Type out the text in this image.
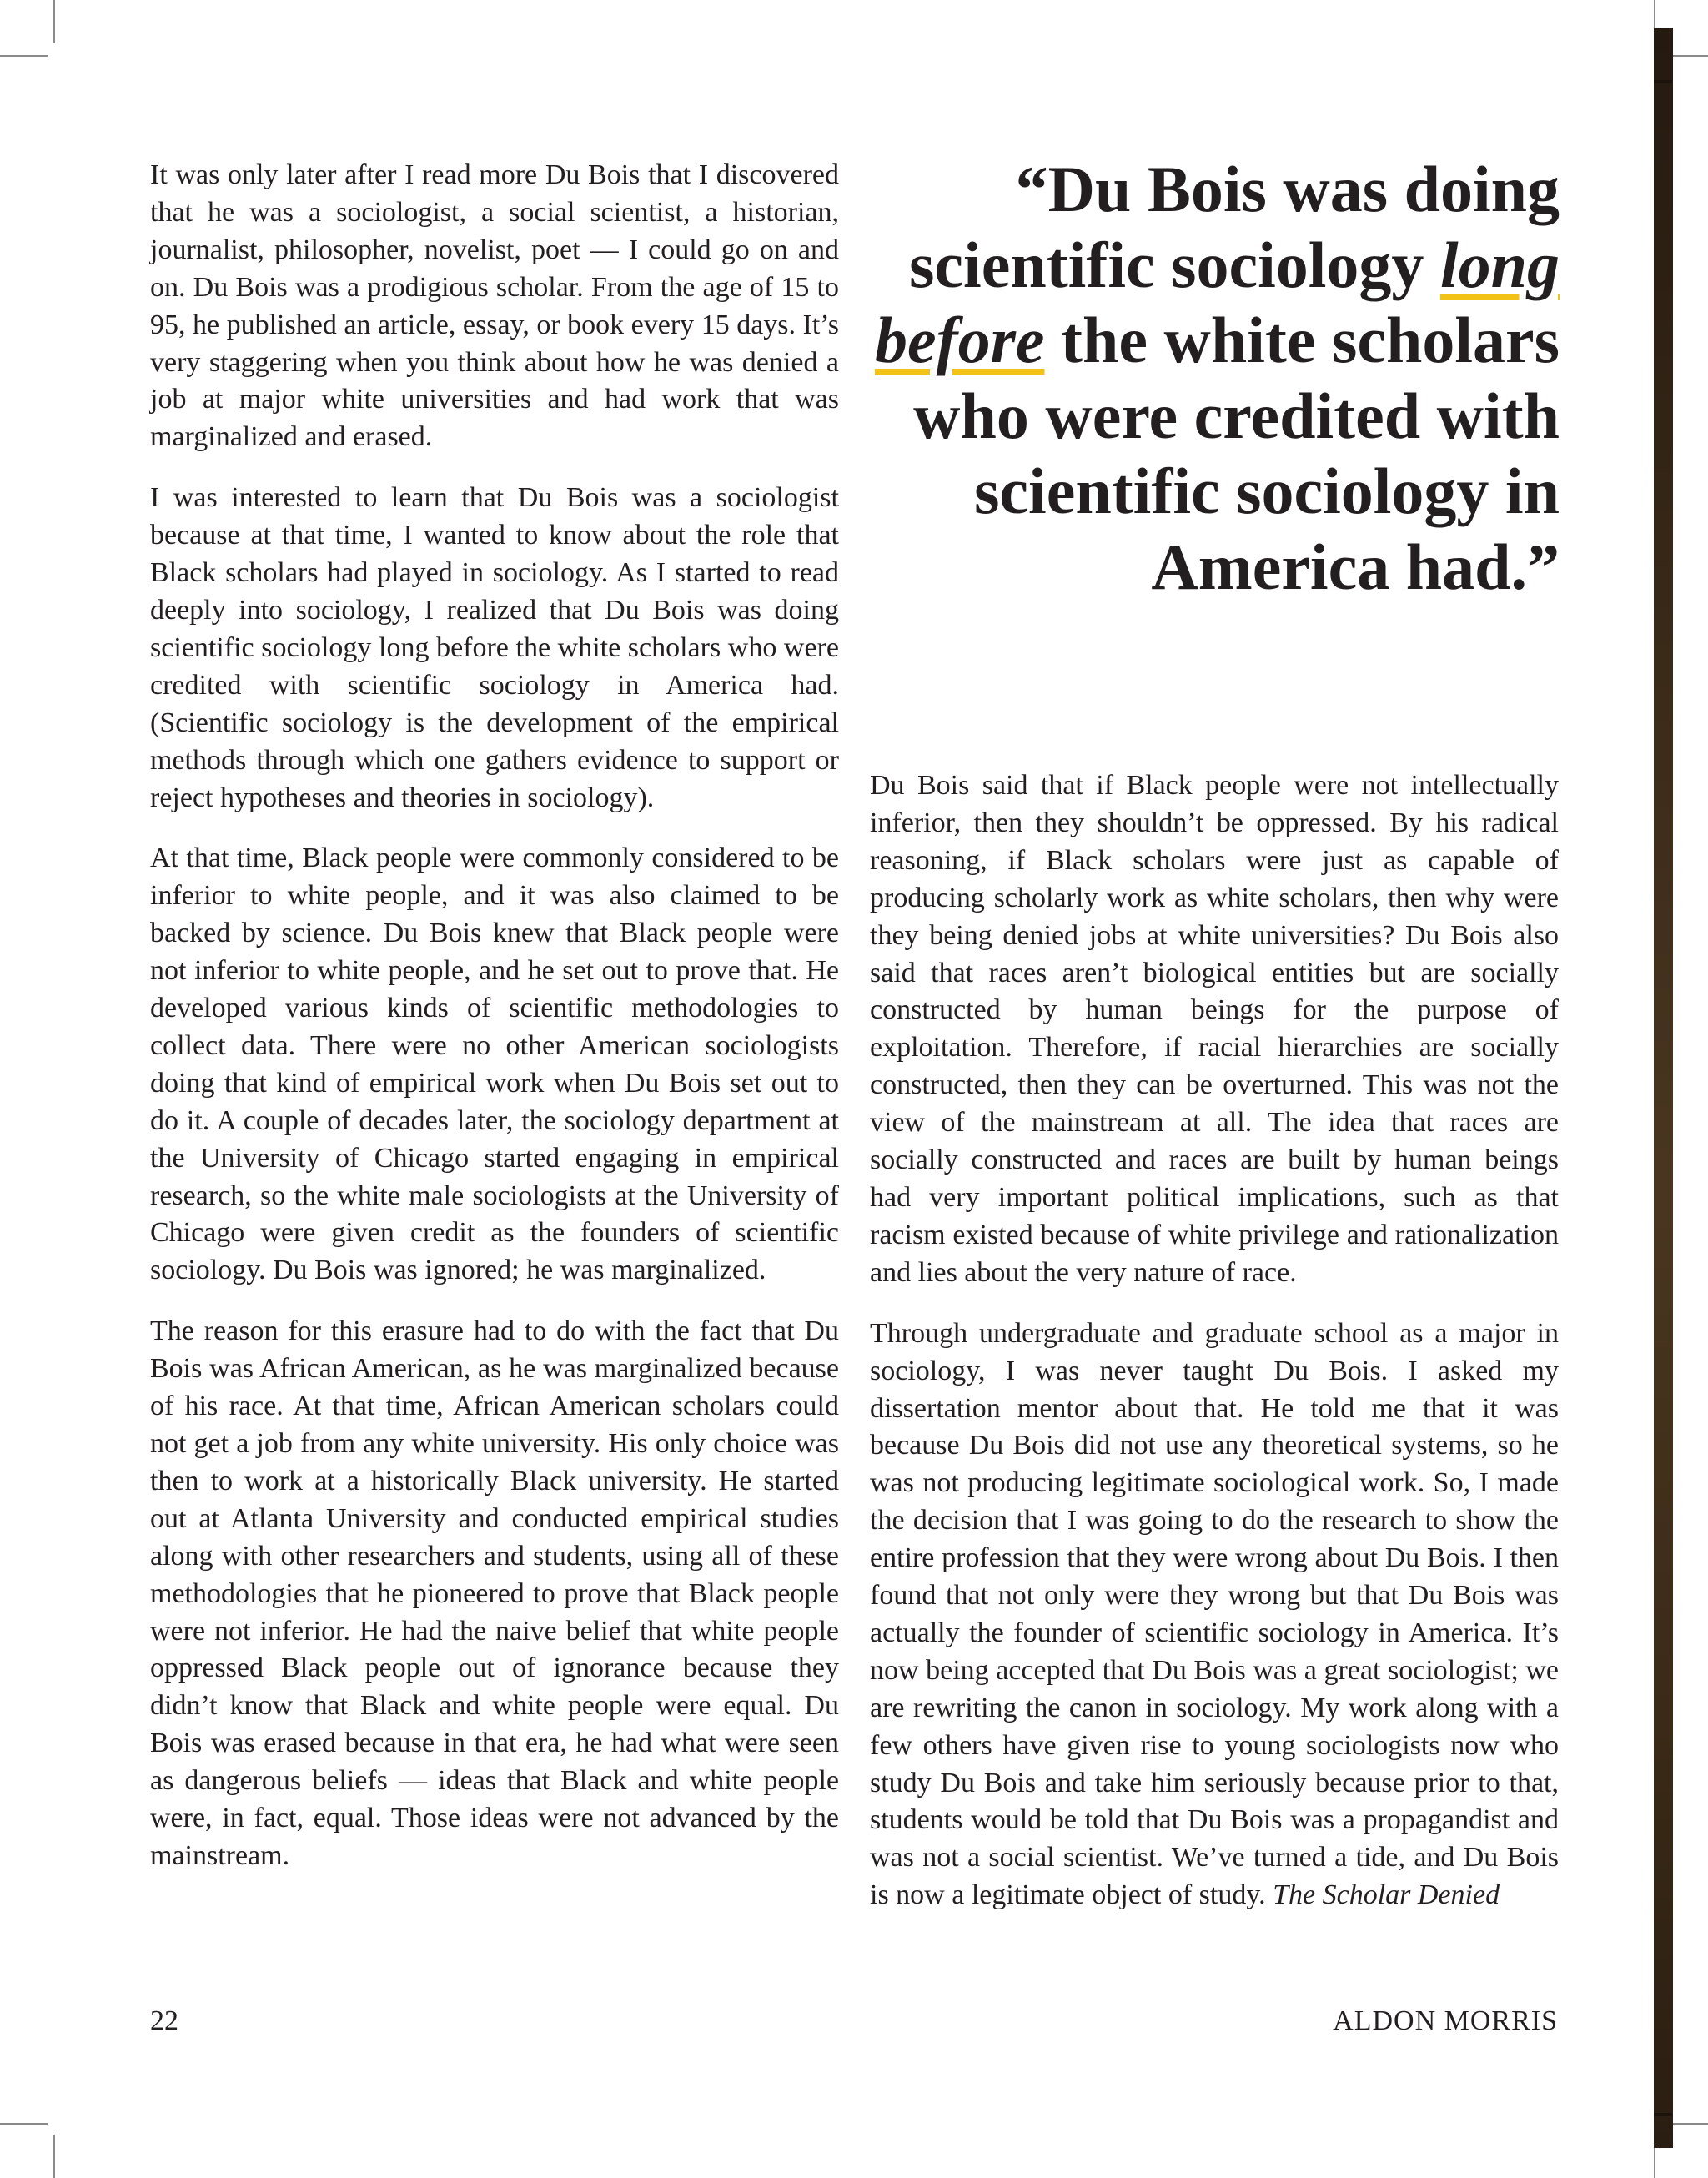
It was only later after I read more Du Bois that I discovered that he was a sociologist, a social scientist, a historian, journalist, philosopher, novelist, poet — I could go on and on. Du Bois was a prodigious scholar. From the age of 15 to 95, he published an article, essay, or book every 15 days. It’s very staggering when you think about how he was denied a job at major white universities and had work that was marginalized and erased.

I was interested to learn that Du Bois was a sociologist because at that time, I wanted to know about the role that Black scholars had played in sociology. As I started to read deeply into sociology, I realized that Du Bois was doing scientific sociology long before the white scholars who were credited with scientific sociology in America had. (Scientific sociology is the development of the empirical methods through which one gathers evidence to support or reject hypotheses and theories in sociology).

At that time, Black people were commonly considered to be inferior to white people, and it was also claimed to be backed by science. Du Bois knew that Black people were not inferior to white people, and he set out to prove that. He developed various kinds of scientific methodologies to collect data. There were no other American sociologists doing that kind of empirical work when Du Bois set out to do it. A couple of decades later, the sociology department at the University of Chicago started engaging in empirical research, so the white male sociologists at the University of Chicago were given credit as the founders of scientific sociology. Du Bois was ignored; he was marginalized.

The reason for this erasure had to do with the fact that Du Bois was African American, as he was marginalized because of his race. At that time, African American scholars could not get a job from any white university. His only choice was then to work at a historically Black university. He started out at Atlanta University and conducted empirical studies along with other researchers and students, using all of these methodologies that he pioneered to prove that Black people were not inferior. He had the naive belief that white people oppressed Black people out of ignorance because they didn’t know that Black and white people were equal. Du Bois was erased because in that era, he had what were seen as dangerous beliefs — ideas that Black and white people were, in fact, equal. Those ideas were not advanced by the mainstream.

“Du Bois was doing scientific sociology long before the white scholars who were credited with scientific sociology in America had.”

Du Bois said that if Black people were not intellectually inferior, then they shouldn’t be oppressed. By his radical reasoning, if Black scholars were just as capable of producing scholarly work as white scholars, then why were they being denied jobs at white universities? Du Bois also said that races aren’t biological entities but are socially constructed by human beings for the purpose of exploitation. Therefore, if racial hierarchies are socially constructed, then they can be overturned. This was not the view of the mainstream at all. The idea that races are socially constructed and races are built by human beings had very important political implications, such as that racism existed because of white privilege and rationalization and lies about the very nature of race.

Through undergraduate and graduate school as a major in sociology, I was never taught Du Bois. I asked my dissertation mentor about that. He told me that it was because Du Bois did not use any theoretical systems, so he was not producing legitimate sociological work. So, I made the decision that I was going to do the research to show the entire profession that they were wrong about Du Bois. I then found that not only were they wrong but that Du Bois was actually the founder of scientific sociology in America. It’s now being accepted that Du Bois was a great sociologist; we are rewriting the canon in sociology. My work along with a few others have given rise to young sociologists now who study Du Bois and take him seriously because prior to that, students would be told that Du Bois was a propagandist and was not a social scientist. We’ve turned a tide, and Du Bois is now a legitimate object of study. The Scholar Denied

22	ALDON MORRIS
